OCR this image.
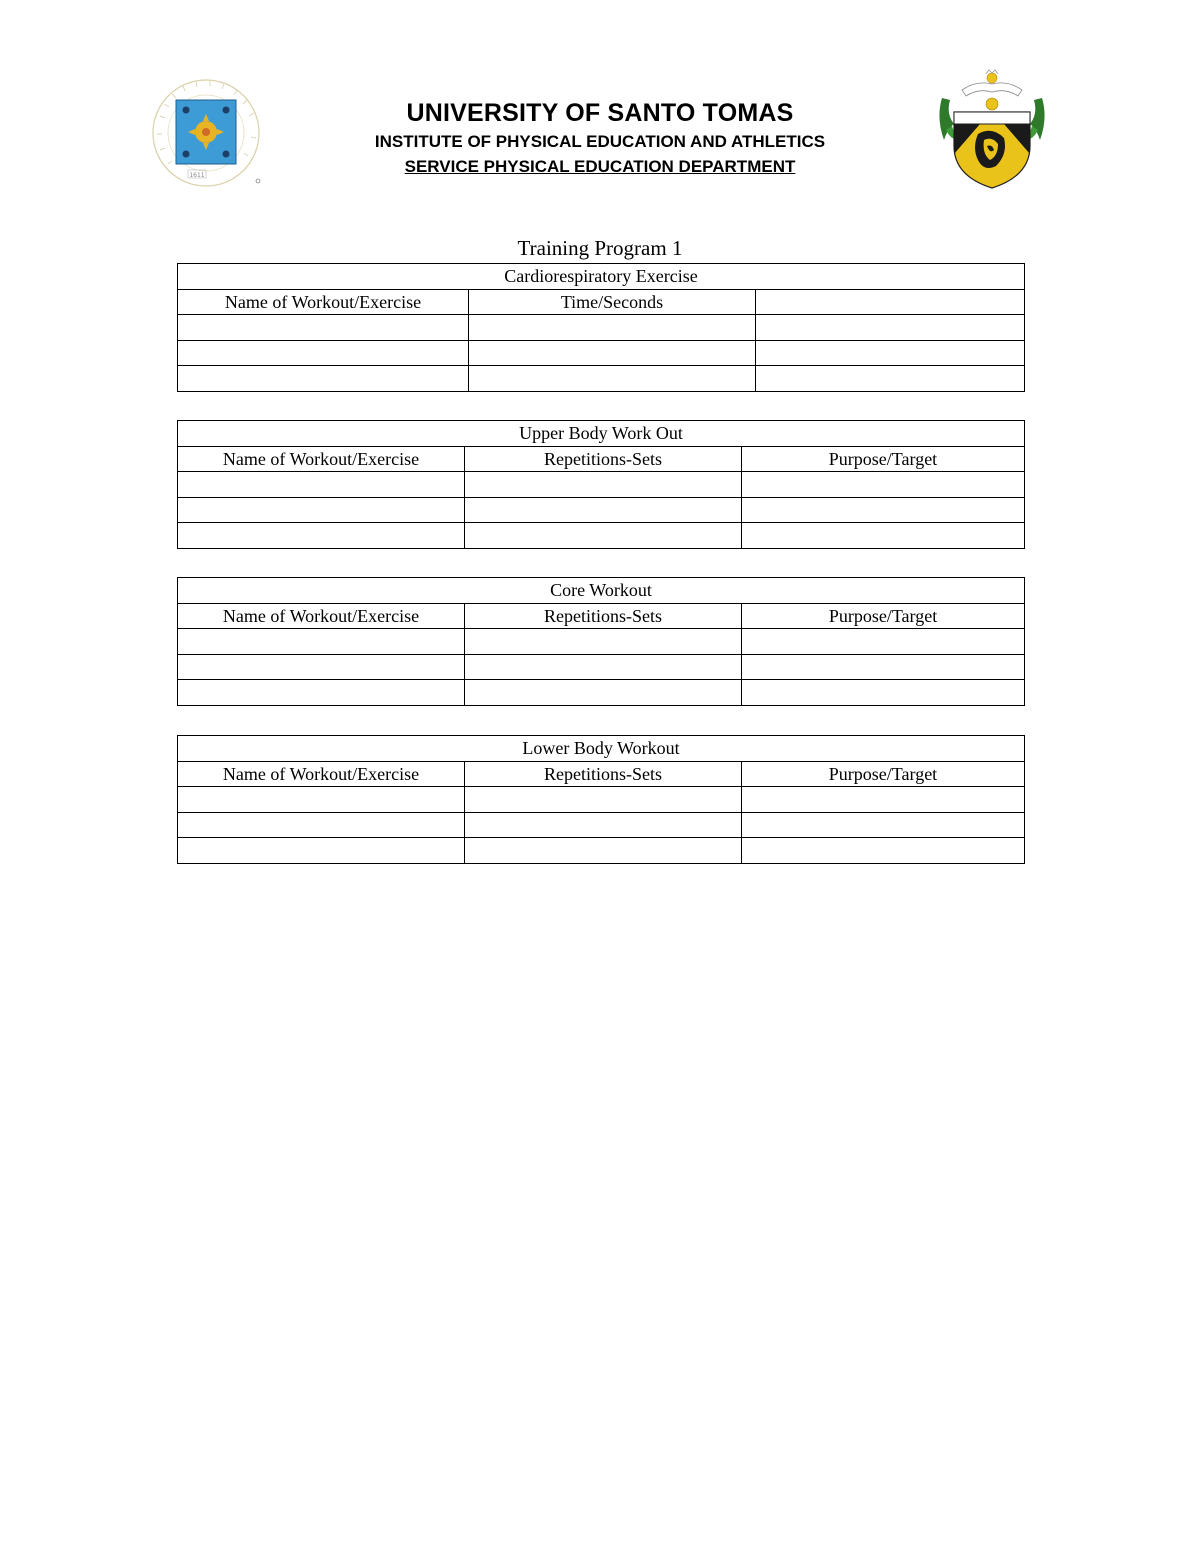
1611
UNIVERSITY OF SANTO TOMAS
INSTITUTE OF PHYSICAL EDUCATION AND ATHLETICS
SERVICE PHYSICAL EDUCATION DEPARTMENT
Training Program 1
Cardiorespiratory Exercise		
Name of Workout/Exercise	Time/Seconds	

Upper Body Work Out		
Name of Workout/Exercise	Repetitions-Sets	Purpose/Target

Core Workout		
Name of Workout/Exercise	Repetitions-Sets	Purpose/Target

Lower Body Workout		
Name of Workout/Exercise	Repetitions-Sets	Purpose/Target
